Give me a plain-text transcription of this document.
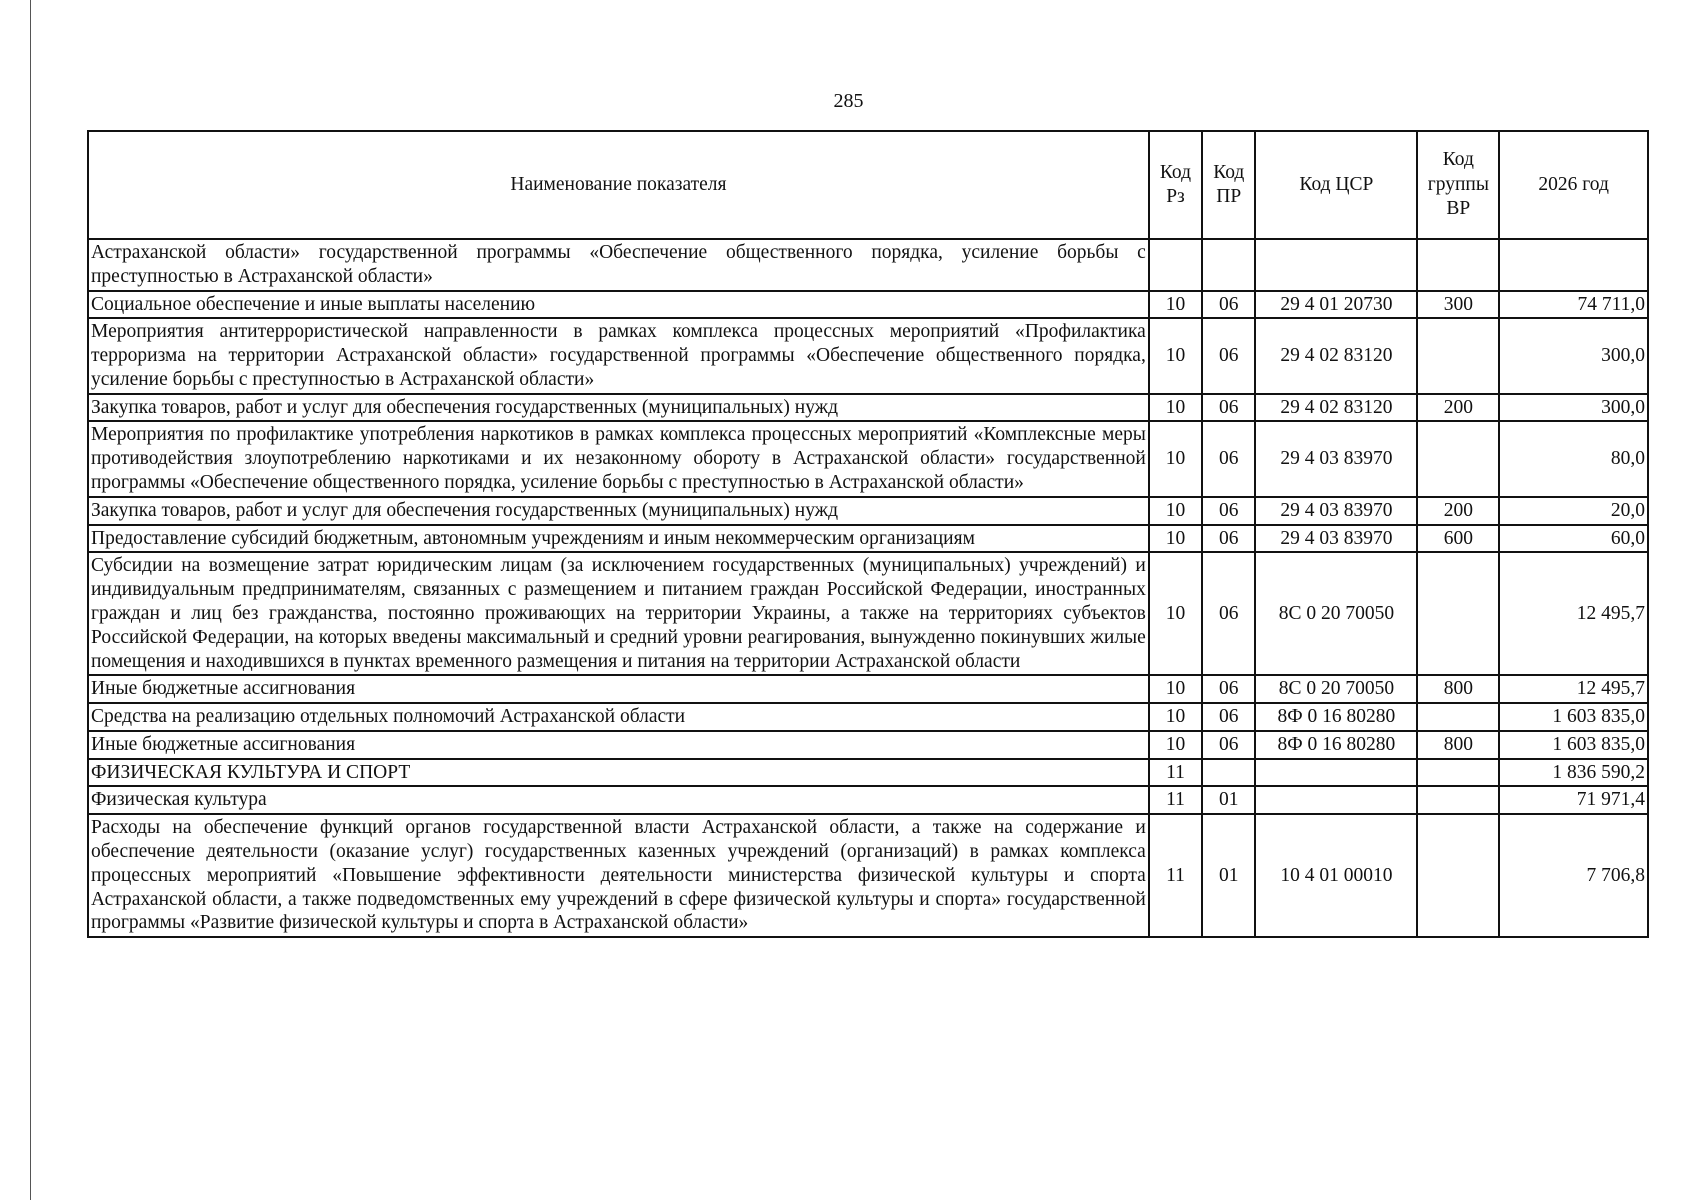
285
Наименование показателя	Код Рз	Код ПР	Код ЦСР	Код группы ВР	2026 год
Астраханской области» государственной программы «Обеспечение общественного порядка, усиление борьбы с преступностью в Астраханской области»					
Социальное обеспечение и иные выплаты населению	10	06	29 4 01 20730	300	74 711,0
Мероприятия антитеррористической направленности в рамках комплекса процессных мероприятий «Профилактика терроризма на территории Астраханской области» государственной программы «Обеспечение общественного порядка, усиление борьбы с преступностью в Астраханской области»	10	06	29 4 02 83120		300,0
Закупка товаров, работ и услуг для обеспечения государственных (муниципальных) нужд	10	06	29 4 02 83120	200	300,0
Мероприятия по профилактике употребления наркотиков в рамках комплекса процессных мероприятий «Комплексные меры противодействия злоупотреблению наркотиками и их незаконному обороту в Астраханской области» государственной программы «Обеспечение общественного порядка, усиление борьбы с преступностью в Астраханской области»	10	06	29 4 03 83970		80,0
Закупка товаров, работ и услуг для обеспечения государственных (муниципальных) нужд	10	06	29 4 03 83970	200	20,0
Предоставление субсидий бюджетным, автономным учреждениям и иным некоммерческим организациям	10	06	29 4 03 83970	600	60,0
Субсидии на возмещение затрат юридическим лицам (за исключением государственных (муниципальных) учреждений) и индивидуальным предпринимателям, связанных с размещением и питанием граждан Российской Федерации, иностранных граждан и лиц без гражданства, постоянно проживающих на территории Украины, а также на территориях субъектов Российской Федерации, на которых введены максимальный и средний уровни реагирования, вынужденно покинувших жилые помещения и находившихся в пунктах временного размещения и питания на территории Астраханской области	10	06	8С 0 20 70050		12 495,7
Иные бюджетные ассигнования	10	06	8С 0 20 70050	800	12 495,7
Средства на реализацию отдельных полномочий Астраханской области	10	06	8Ф 0 16 80280		1 603 835,0
Иные бюджетные ассигнования	10	06	8Ф 0 16 80280	800	1 603 835,0
ФИЗИЧЕСКАЯ КУЛЬТУРА И СПОРТ	11				1 836 590,2
Физическая культура	11	01			71 971,4
Расходы на обеспечение функций органов государственной власти Астраханской области, а также на содержание и обеспечение деятельности (оказание услуг) государственных казенных учреждений (организаций) в рамках комплекса процессных мероприятий «Повышение эффективности деятельности министерства физической культуры и спорта Астраханской области, а также подведомственных ему учреждений в сфере физической культуры и спорта» государственной программы «Развитие физической культуры и спорта в Астраханской области»	11	01	10 4 01 00010		7 706,8
